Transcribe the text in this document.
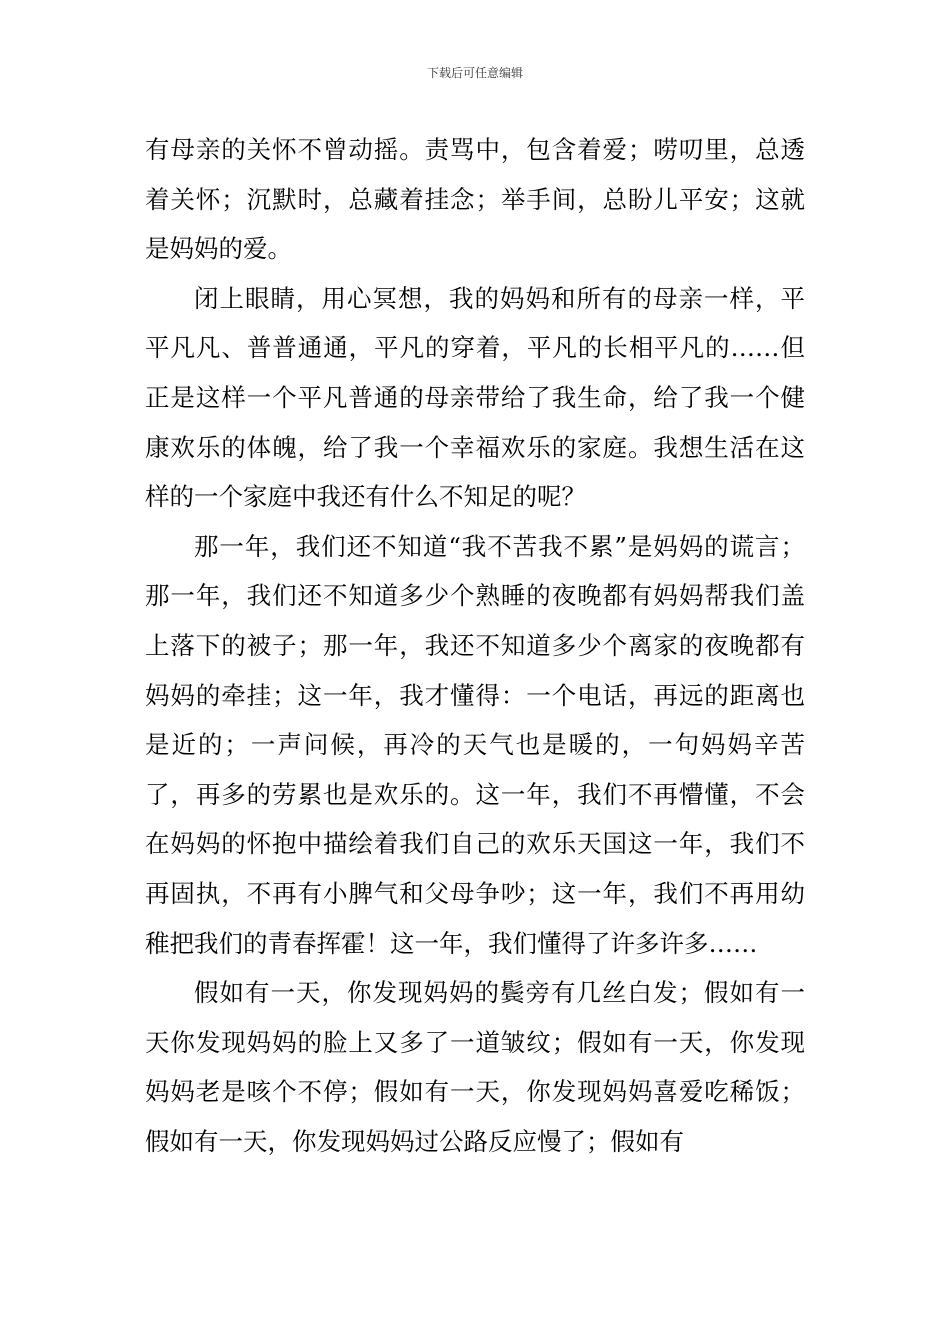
下载后可任意编辑

有母亲的关怀不曾动摇。责骂中，包含着爱；唠叨里，总透着关怀；沉默时，总藏着挂念；举手间，总盼儿平安；这就是妈妈的爱。

闭上眼睛，用心冥想，我的妈妈和所有的母亲一样，平平凡凡、普普通通，平凡的穿着，平凡的长相平凡的……但正是这样一个平凡普通的母亲带给了我生命，给了我一个健康欢乐的体魄，给了我一个幸福欢乐的家庭。我想生活在这样的一个家庭中我还有什么不知足的呢？

那一年，我们还不知道“我不苦我不累”是妈妈的谎言；那一年，我们还不知道多少个熟睡的夜晚都有妈妈帮我们盖上落下的被子；那一年，我还不知道多少个离家的夜晚都有妈妈的牵挂；这一年，我才懂得：一个电话，再远的距离也是近的；一声问候，再冷的天气也是暖的，一句妈妈辛苦了，再多的劳累也是欢乐的。这一年，我们不再懵懂，不会在妈妈的怀抱中描绘着我们自己的欢乐天国这一年，我们不再固执，不再有小脾气和父母争吵；这一年，我们不再用幼稚把我们的青春挥霍！这一年，我们懂得了许多许多……

假如有一天，你发现妈妈的鬓旁有几丝白发；假如有一天你发现妈妈的脸上又多了一道皱纹；假如有一天，你发现妈妈老是咳个不停；假如有一天，你发现妈妈喜爱吃稀饭；假如有一天，你发现妈妈过公路反应慢了；假如有
